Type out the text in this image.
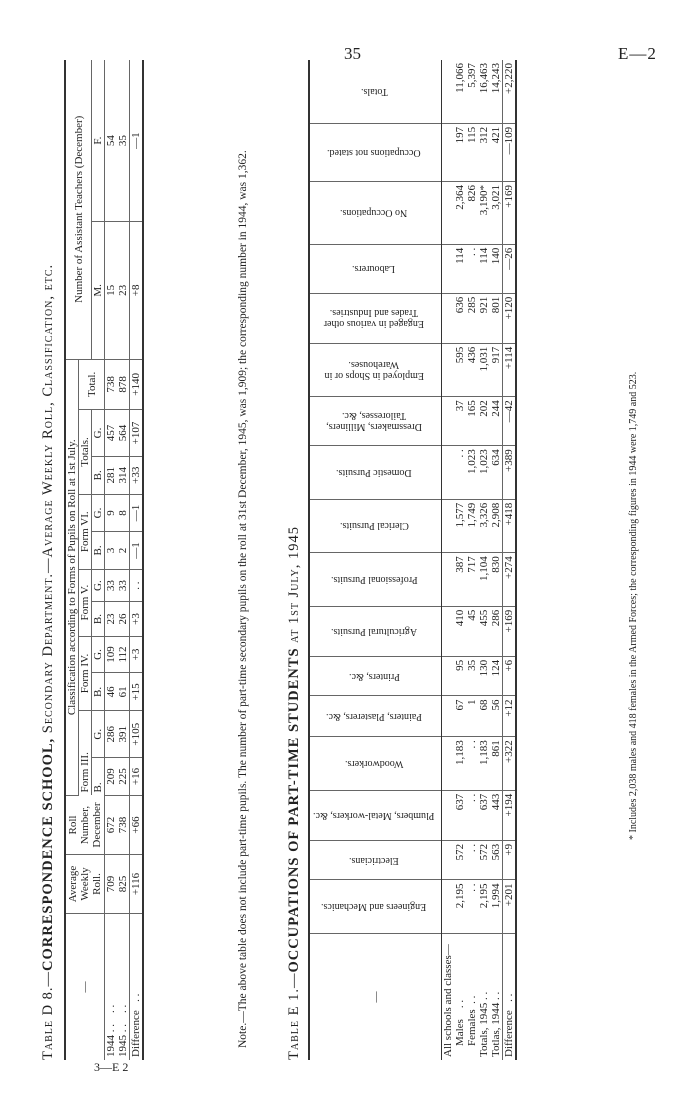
35	E—2
3—E 2
Table D 8.—CORRESPONDENCE SCHOOL, Secondary Department.—Average Weekly Roll, Classification, etc.
—	Average Weekly Roll.	Roll Number, December	Classification according to Forms of Pupils on Roll at 1st July.											Number of Assistant Teachers (December)	
			Form III.		Form IV.		Form V.		Form VI.		Totals.		Total.		
			B.	G.	B.	G.	B.	G.	B.	G.	B.	G.		M.	F.
1944 . .    . .	709	672	209	286	46	109	23	33	3	9	281	457	738	15	54
1945 . .    . .	825	738	225	391	61	112	26	33	2	8	314	564	878	23	35
Difference   . .	+116	+66	+16	+105	+15	+3	+3	. .	—1	—1	+33	+107	+140	+8	—1
Note.—The above table does not include part-time pupils. The number of part-time secondary pupils on the roll at 31st December, 1945, was 1,909; the corresponding number in 1944, was 1,362.	Table E 1.—OCCUPATIONS OF PART-TIME STUDENTS at 1st July, 1945
—	Engineers and Mechanics.	Electricians.	Plumbers, Metal-workers, &c.	Woodworkers.	Painters, Plasterers, &c.	Printers, &c.	Agricultural Pursuits.	Professional Pursuits.	Clerical Pursuits.	Domestic Pursuits.	Dressmakers, Milliners, Tailoresses, &c.	Employed in Shops or in Warehouses.	Engaged in various other Trades and Industries.	Labourers.	No Occupations.	Occupations not stated.	Totals.
All schools and classes—																	
Males    . .	2,195	572	637	1,183	67	95	410	387	1,577	. .	37	595	636	114	2,364	197	11,066
Females  . .	. .	. .	. .	. .	1	35	45	717	1,749	1,023	165	436	285	. .	826	115	5,397
Totals, 1945 . .	2,195	572	637	1,183	68	130	455	1,104	3,326	1,023	202	1,031	921	114	3,190*	312	16,463
Totlas, 1944 . .	1,994	563	443	861	56	124	286	830	2,908	634	244	917	801	140	3,021	421	14,243
Difference   . .	+201	+9	+194	+322	+12	+6	+169	+274	+418	+389	—42	+114	+120	—26	+169	—109	+2,220
* Includes 2,038 males and 418 females in the Armed Forces; the corresponding figures in 1944 were 1,749 and 523.
